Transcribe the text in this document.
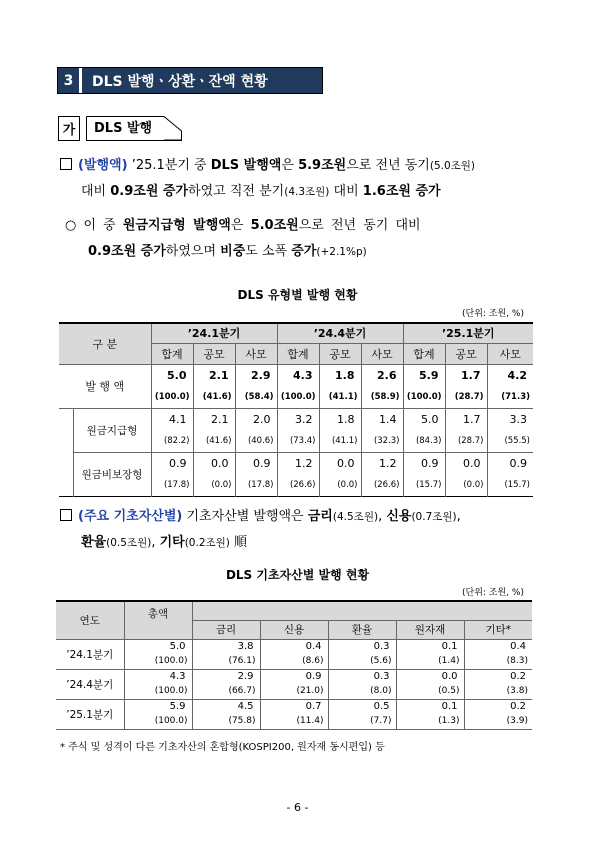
3	DLS 발행ㆍ상환ㆍ잔액 현황
가	DLS 발행
(발행액) ’25.1분기 중 DLS 발행액은 5.9조원으로 전년 동기(5.0조원)
대비 0.9조원 증가하였고 직전 분기(4.3조원) 대비 1.6조원 증가
○ 이 중 원금지급형 발행액은 5.0조원으로 전년 동기 대비
0.9조원 증가하였으며 비중도 소폭 증가(+2.1%p)
DLS 유형별 발행 현황
(단위: 조원, %)
구 분		’24.1분기			’24.4분기			’25.1분기		
		합계	공모	사모	합계	공모	사모	합계	공모	사모
발 행 액		5.0	2.1	2.9	4.3	1.8	2.6	5.9	1.7	4.2
		(100.0)	(41.6)	(58.4)	(100.0)	(41.1)	(58.9)	(100.0)	(28.7)	(71.3)
	원금지급형	4.1	2.1	2.0	3.2	1.8	1.4	5.0	1.7	3.3
		(82.2)	(41.6)	(40.6)	(73.4)	(41.1)	(32.3)	(84.3)	(28.7)	(55.5)
	원금비보장형	0.9	0.0	0.9	1.2	0.0	1.2	0.9	0.0	0.9
		(17.8)	(0.0)	(17.8)	(26.6)	(0.0)	(26.6)	(15.7)	(0.0)	(15.7)
(주요 기초자산별) 기초자산별 발행액은 금리(4.5조원), 신용(0.7조원),
환율(0.5조원), 기타(0.2조원) 順
DLS 기초자산별 발행 현황
(단위: 조원, %)
연도	총액					
		금리	신용	환율	원자재	기타*
’24.1분기	5.0	3.8	0.4	0.3	0.1	0.4
	(100.0)	(76.1)	(8.6)	(5.6)	(1.4)	(8.3)
’24.4분기	4.3	2.9	0.9	0.3	0.0	0.2
	(100.0)	(66.7)	(21.0)	(8.0)	(0.5)	(3.8)
’25.1분기	5.9	4.5	0.7	0.5	0.1	0.2
	(100.0)	(75.8)	(11.4)	(7.7)	(1.3)	(3.9)
* 주식 및 성격이 다른 기초자산의 혼합형(KOSPI200, 원자재 동시편입) 등
- 6 -
